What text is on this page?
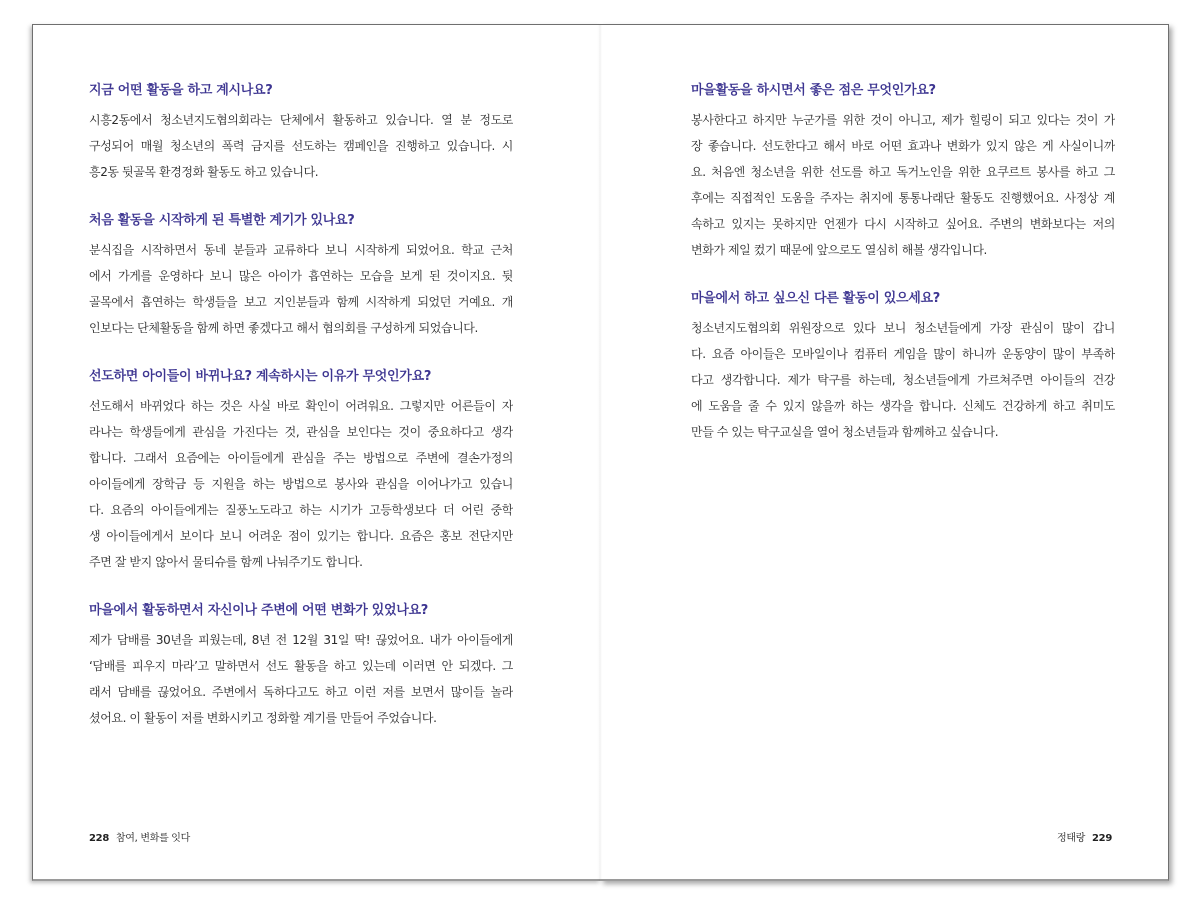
지금 어떤 활동을 하고 계시나요?

시흥2동에서 청소년지도협의회라는 단체에서 활동하고 있습니다. 열 분 정도로
구성되어 매월 청소년의 폭력 금지를 선도하는 캠페인을 진행하고 있습니다. 시
흥2동 뒷골목 환경정화 활동도 하고 있습니다.

처음 활동을 시작하게 된 특별한 계기가 있나요?

분식집을 시작하면서 동네 분들과 교류하다 보니 시작하게 되었어요. 학교 근처
에서 가게를 운영하다 보니 많은 아이가 흡연하는 모습을 보게 된 것이지요. 뒷
골목에서 흡연하는 학생들을 보고 지인분들과 함께 시작하게 되었던 거예요. 개
인보다는 단체활동을 함께 하면 좋겠다고 해서 협의회를 구성하게 되었습니다.

선도하면 아이들이 바뀌나요? 계속하시는 이유가 무엇인가요?

선도해서 바뀌었다 하는 것은 사실 바로 확인이 어려워요. 그렇지만 어른들이 자
라나는 학생들에게 관심을 가진다는 것, 관심을 보인다는 것이 중요하다고 생각
합니다. 그래서 요즘에는 아이들에게 관심을 주는 방법으로 주변에 결손가정의
아이들에게 장학금 등 지원을 하는 방법으로 봉사와 관심을 이어나가고 있습니
다. 요즘의 아이들에게는 질풍노도라고 하는 시기가 고등학생보다 더 어린 중학
생 아이들에게서 보이다 보니 어려운 점이 있기는 합니다. 요즘은 홍보 전단지만
주면 잘 받지 않아서 물티슈를 함께 나눠주기도 합니다.

마을에서 활동하면서 자신이나 주변에 어떤 변화가 있었나요?

제가 담배를 30년을 피웠는데, 8년 전 12월 31일 딱! 끊었어요. 내가 아이들에게
‘담배를 피우지 마라’고 말하면서 선도 활동을 하고 있는데 이러면 안 되겠다. 그
래서 담배를 끊었어요. 주변에서 독하다고도 하고 이런 저를 보면서 많이들 놀라
셨어요. 이 활동이 저를 변화시키고 정화할 계기를 만들어 주었습니다.

228 참여, 변화를 잇다
마을활동을 하시면서 좋은 점은 무엇인가요?

봉사한다고 하지만 누군가를 위한 것이 아니고, 제가 힐링이 되고 있다는 것이 가
장 좋습니다. 선도한다고 해서 바로 어떤 효과나 변화가 있지 않은 게 사실이니까
요. 처음엔 청소년을 위한 선도를 하고 독거노인을 위한 요쿠르트 봉사를 하고 그
후에는 직접적인 도움을 주자는 취지에 통통나래단 활동도 진행했어요. 사정상 계
속하고 있지는 못하지만 언젠가 다시 시작하고 싶어요. 주변의 변화보다는 저의
변화가 제일 컸기 때문에 앞으로도 열심히 해볼 생각입니다.

마을에서 하고 싶으신 다른 활동이 있으세요?

청소년지도협의회 위원장으로 있다 보니 청소년들에게 가장 관심이 많이 갑니
다. 요즘 아이들은 모바일이나 컴퓨터 게임을 많이 하니까 운동양이 많이 부족하
다고 생각합니다. 제가 탁구를 하는데, 청소년들에게 가르쳐주면 아이들의 건강
에 도움을 줄 수 있지 않을까 하는 생각을 합니다. 신체도 건강하게 하고 취미도
만들 수 있는 탁구교실을 열어 청소년들과 함께하고 싶습니다.

정태랑 229
